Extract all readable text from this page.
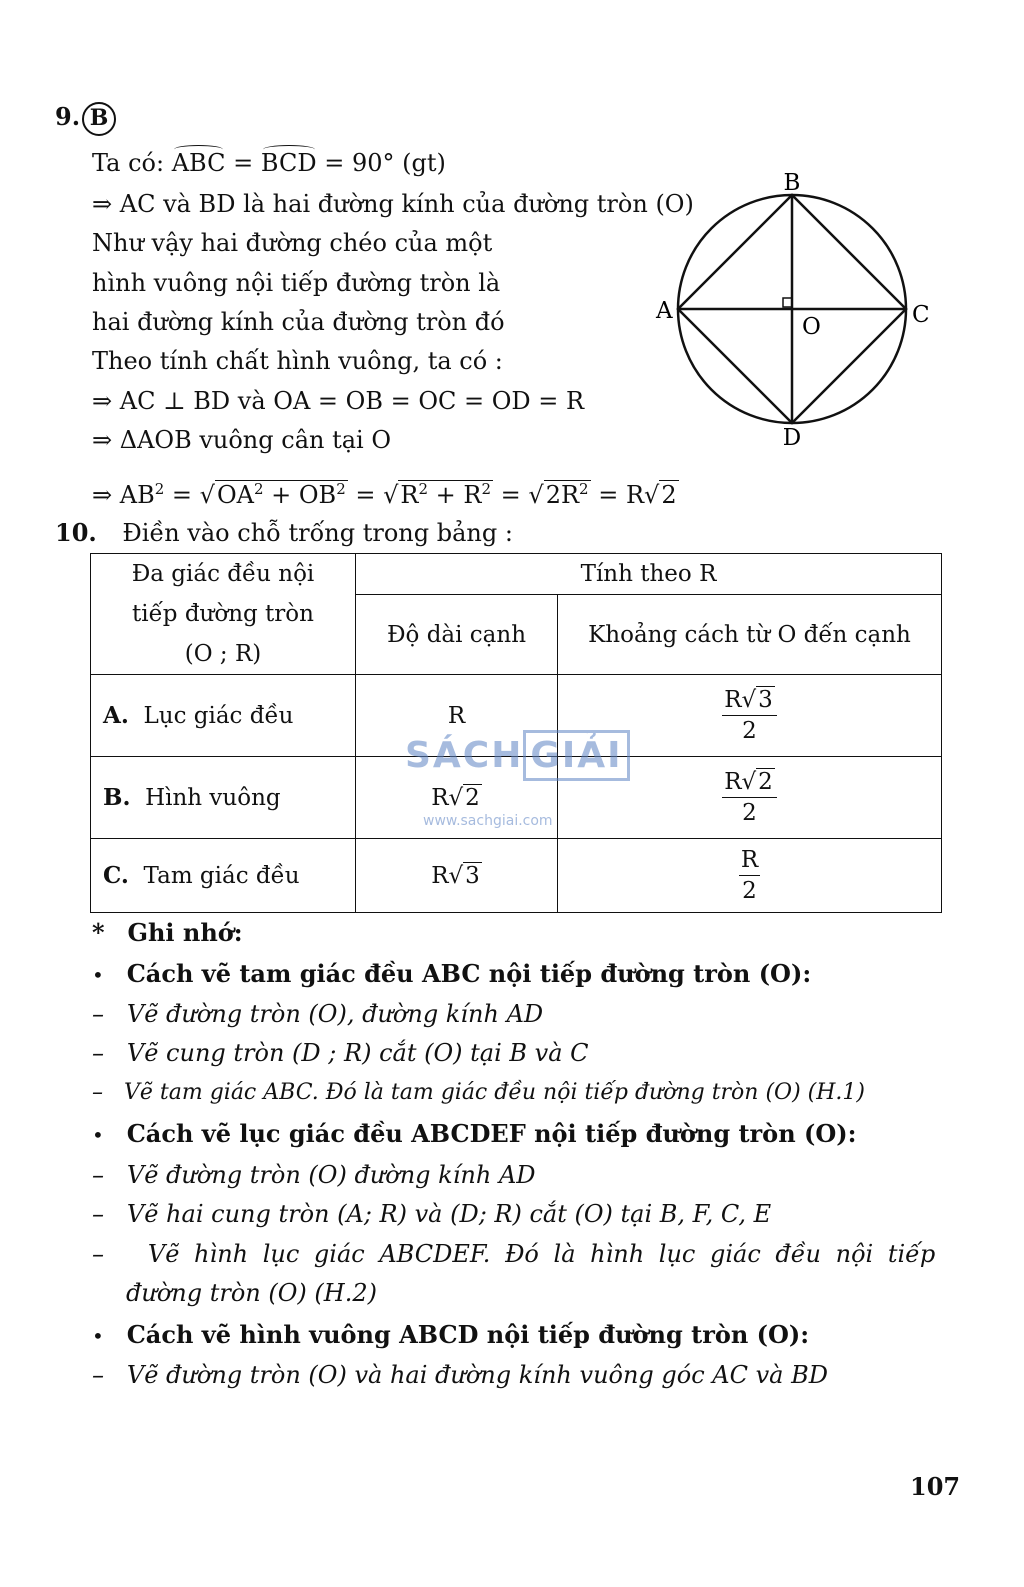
9. B
Ta có: ABC = BCD = 90° (gt)
⇒ AC và BD là hai đường kính của đường tròn (O)
Như vậy hai đường chéo của một
hình vuông nội tiếp đường tròn là
hai đường kính của đường tròn đó
Theo tính chất hình vuông, ta có :
⇒ AC ⊥ BD và OA = OB = OC = OD = R
⇒ ΔAOB vuông cân tại O
⇒ $AB^2$ = √ $OA^2 + OB^2$ = √ $R^2 + R^2$ = √ $2R^2 = R$ √ 2
B
A	C
O
D
10. Điền vào chỗ trống trong bảng :
Đa giác đều nội
tiếp đường tròn
(O ; R)	Tính theo R	
	Độ dài cạnh	Khoảng cách từ O đến cạnh
A. Lục giác đều	R	$\frac{R √ 3}{2}$

B. Hình vuông	R √ 2	$\frac{R √ 2}{2}$

C. Tam giác đều	R √ 3	$\frac{R}{2}$
SÁCH GIẢI
www.sachgiai.com
* Ghi nhớ:
• Cách vẽ tam giác đều ABC nội tiếp đường tròn (O):
– Vẽ đường tròn (O), đường kính AD
– Vẽ cung tròn (D ; R) cắt (O) tại B và C
– Vẽ tam giác ABC. Đó là tam giác đều nội tiếp đường tròn (O) (H.1)
• Cách vẽ lục giác đều ABCDEF nội tiếp đường tròn (O):
– Vẽ đường tròn (O) đường kính AD
– Vẽ hai cung tròn (A; R) và (D; R) cắt (O) tại B, F, C, E
– Vẽ hình lục giác ABCDEF. Đó là hình lục giác đều nội tiếp
đường tròn (O) (H.2)
• Cách vẽ hình vuông ABCD nội tiếp đường tròn (O):
– Vẽ đường tròn (O) và hai đường kính vuông góc AC và BD
107
